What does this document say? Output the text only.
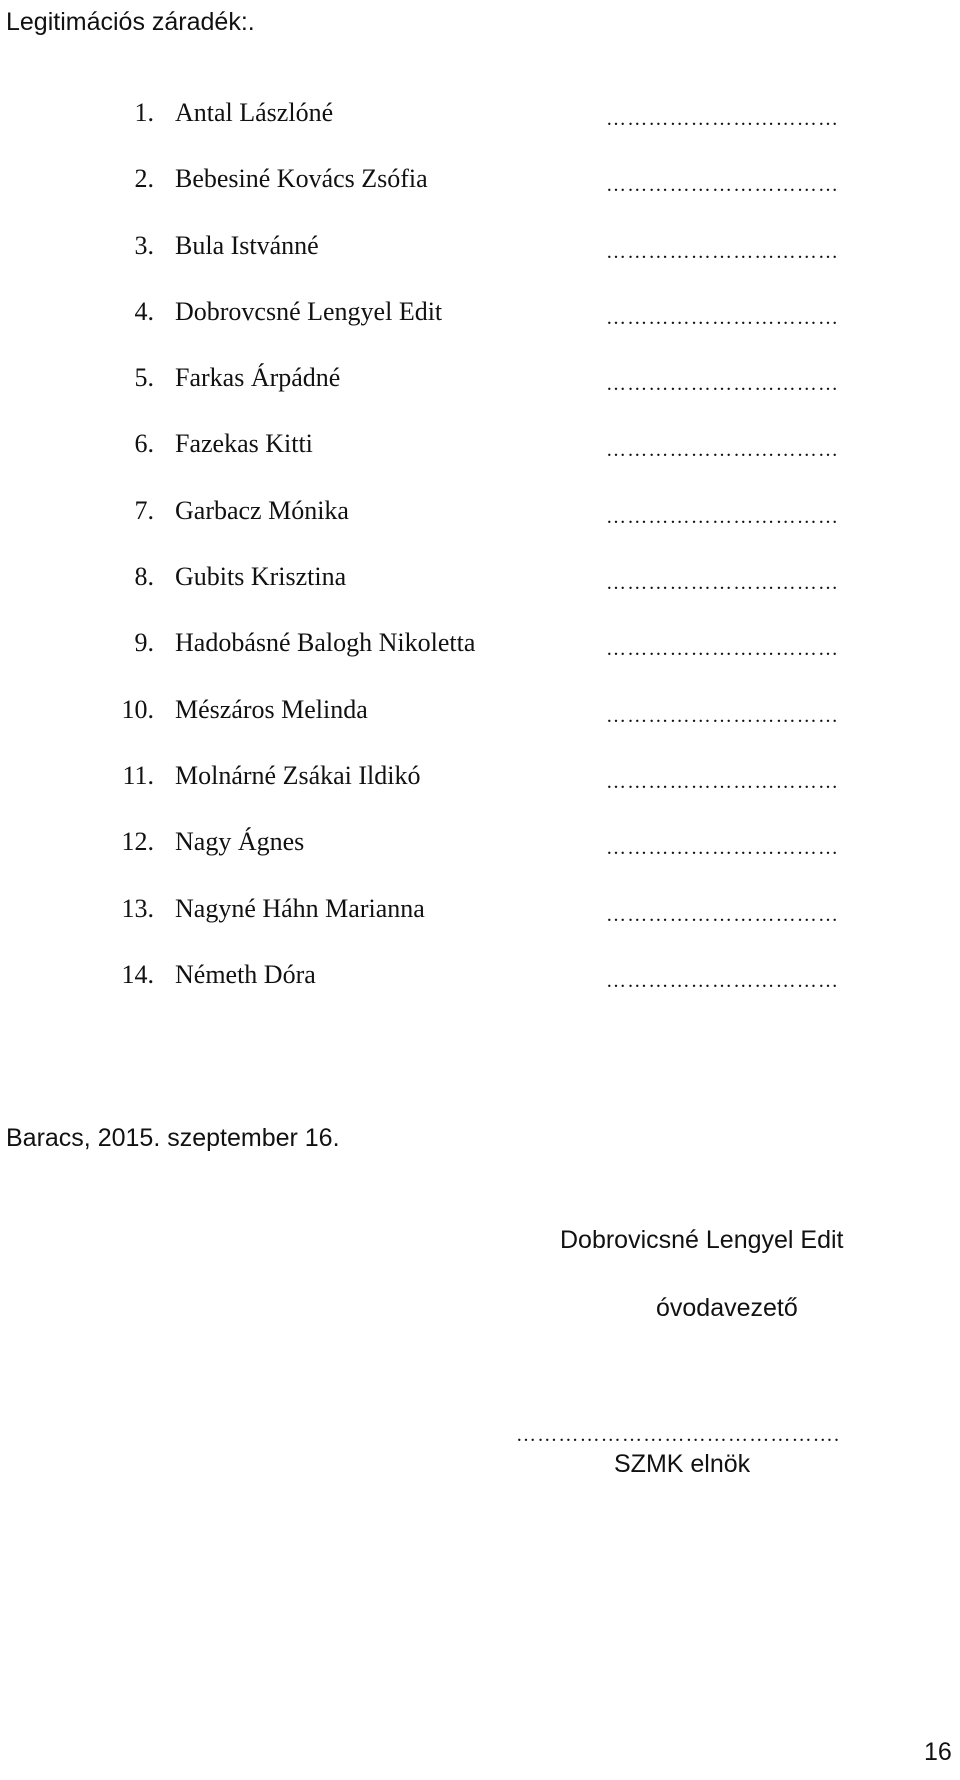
Legitimációs záradék:.
1. Antal Lászlóné	……………………………
2. Bebesiné Kovács Zsófia	……………………………
3. Bula Istvánné	……………………………
4. Dobrovcsné Lengyel Edit	……………………………
5. Farkas Árpádné	……………………………
6. Fazekas Kitti	……………………………
7. Garbacz Mónika	……………………………
8. Gubits Krisztina	……………………………
9. Hadobásné Balogh Nikoletta	……………………………
10. Mészáros Melinda	……………………………
11. Molnárné Zsákai Ildikó	……………………………
12. Nagy Ágnes	……………………………
13. Nagyné Háhn Marianna	……………………………
14. Németh Dóra	……………………………
Baracs, 2015. szeptember 16.
Dobrovicsné Lengyel Edit
óvodavezető
……………………………………….
SZMK elnök
16
